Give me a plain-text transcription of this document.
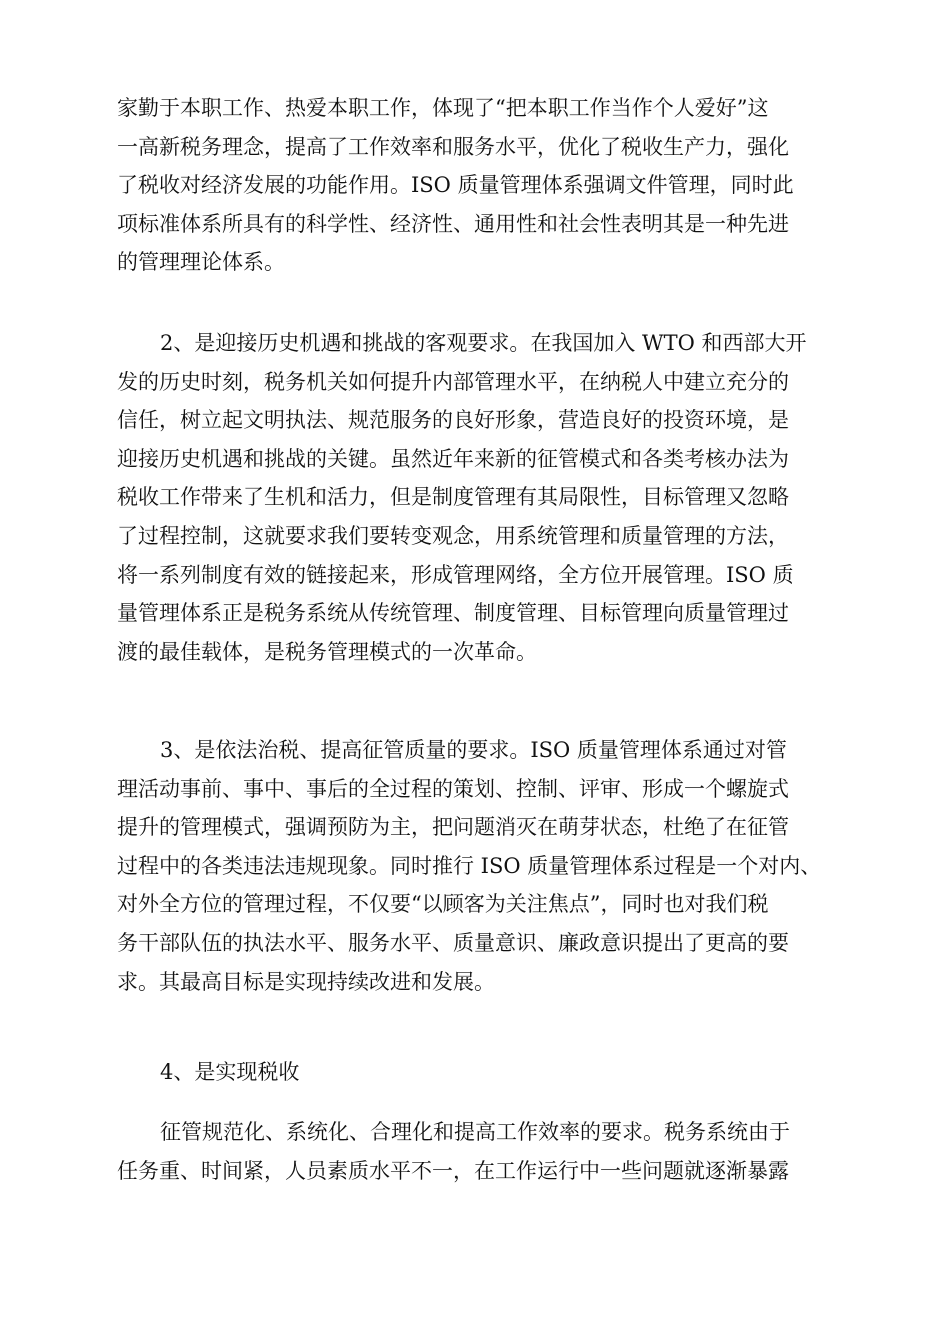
家勤于本职工作、热爱本职工作，体现了“把本职工作当作个人爱好”这
一高新税务理念，提高了工作效率和服务水平，优化了税收生产力，强化
了税收对经济发展的功能作用。ISO 质量管理体系强调文件管理，同时此
项标准体系所具有的科学性、经济性、通用性和社会性表明其是一种先进
的管理理论体系。

2、是迎接历史机遇和挑战的客观要求。在我国加入 WTO 和西部大开
发的历史时刻，税务机关如何提升内部管理水平，在纳税人中建立充分的
信任，树立起文明执法、规范服务的良好形象，营造良好的投资环境，是
迎接历史机遇和挑战的关键。虽然近年来新的征管模式和各类考核办法为
税收工作带来了生机和活力，但是制度管理有其局限性，目标管理又忽略
了过程控制，这就要求我们要转变观念，用系统管理和质量管理的方法，
将一系列制度有效的链接起来，形成管理网络，全方位开展管理。ISO 质
量管理体系正是税务系统从传统管理、制度管理、目标管理向质量管理过
渡的最佳载体，是税务管理模式的一次革命。

3、是依法治税、提高征管质量的要求。ISO 质量管理体系通过对管
理活动事前、事中、事后的全过程的策划、控制、评审、形成一个螺旋式
提升的管理模式，强调预防为主，把问题消灭在萌芽状态，杜绝了在征管
过程中的各类违法违规现象。同时推行 ISO 质量管理体系过程是一个对内、
对外全方位的管理过程，不仅要“以顾客为关注焦点”，同时也对我们税
务干部队伍的执法水平、服务水平、质量意识、廉政意识提出了更高的要
求。其最高目标是实现持续改进和发展。

4、是实现税收

征管规范化、系统化、合理化和提高工作效率的要求。税务系统由于
任务重、时间紧，人员素质水平不一，在工作运行中一些问题就逐渐暴露
